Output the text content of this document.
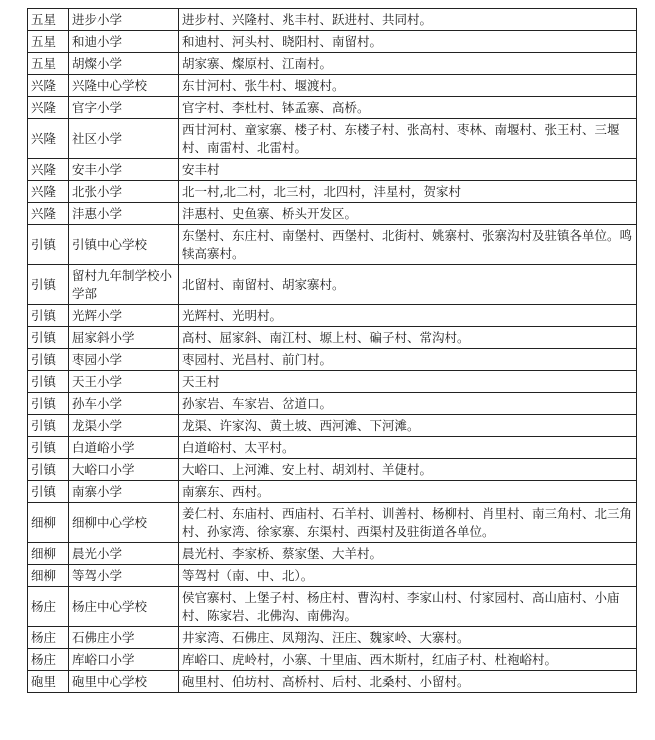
五星	进步小学	进步村、兴隆村、兆丰村、跃进村、共同村。
五星	和迪小学	和迪村、河头村、晓阳村、南留村。
五星	胡燦小学	胡家寨、燦原村、江南村。
兴隆	兴隆中心学校	东甘河村、张牛村、堰渡村。
兴隆	官字小学	官字村、李杜村、钵孟寨、高桥。
兴隆	社区小学	西甘河村、童家寨、楼子村、东楼子村、张高村、枣林、南堰村、张王村、三堰村、南雷村、北雷村。
兴隆	安丰小学	安丰村
兴隆	北张小学	北一村,北二村，北三村，北四村，沣星村，贺家村
兴隆	沣惠小学	沣惠村、史鱼寨、桥头开发区。
引镇	引镇中心学校	东堡村、东庄村、南堡村、西堡村、北街村、姚寨村、张寨沟村及驻镇各单位。鸣犊高寨村。
引镇	留村九年制学校小学部	北留村、南留村、胡家寨村。
引镇	光辉小学	光辉村、光明村。
引镇	屈家斜小学	高村、屈家斜、南江村、塬上村、碥子村、常沟村。
引镇	枣园小学	枣园村、光昌村、前门村。
引镇	天王小学	天王村
引镇	孙车小学	孙家岩、车家岩、岔道口。
引镇	龙渠小学	龙渠、许家沟、黄土坡、西河滩、下河滩。
引镇	白道峪小学	白道峪村、太平村。
引镇	大峪口小学	大峪口、上河滩、安上村、胡刘村、羊倢村。
引镇	南寨小学	南寨东、西村。
细柳	细柳中心学校	姜仁村、东庙村、西庙村、石羊村、训善村、杨柳村、肖里村、南三角村、北三角村、孙家湾、徐家寨、东渠村、西渠村及驻街道各单位。
细柳	晨光小学	晨光村、李家桥、蔡家堡、大羊村。
细柳	等驾小学	等驾村（南、中、北）。
杨庄	杨庄中心学校	侯官寨村、上堡子村、杨庄村、曹沟村、李家山村、付家园村、高山庙村、小庙村、陈家岩、北佛沟、南佛沟。
杨庄	石佛庄小学	井家湾、石佛庄、凤翔沟、汪庄、魏家岭、大寨村。
杨庄	库峪口小学	库峪口、虎岭村，小寨、十里庙、西木斯村，红庙子村、杜袍峪村。
砲里	砲里中心学校	砲里村、伯坊村、高桥村、后村、北桑村、小留村。
